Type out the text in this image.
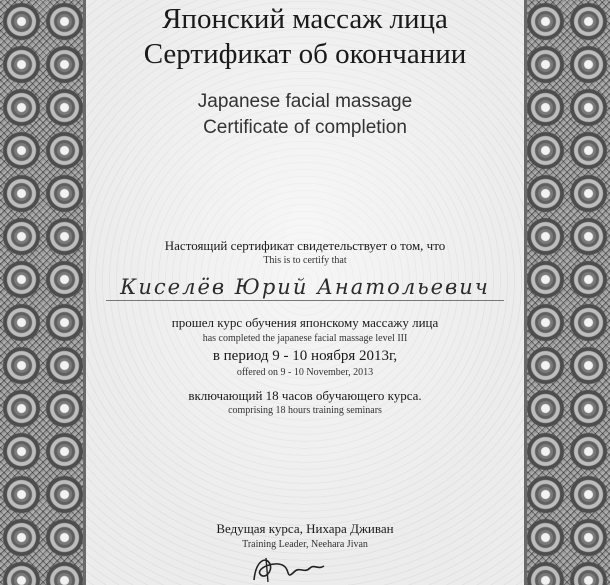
Японский массаж лица
Сертификат об окончании
Japanese facial massage
Certificate of completion
Настоящий сертификат свидетельствует о том, что
This is to certify that
Киселёв Юрий Анатольевич
прошел курс обучения японскому массажу лица
has completed the japanese facial massage level III
в период 9 - 10 ноября 2013г,
offered on 9 - 10 November, 2013
включающий 18 часов обучающего курса.
comprising 18 hours training seminars
Ведущая курса, Нихара Дживан
Training Leader, Neehara Jivan
